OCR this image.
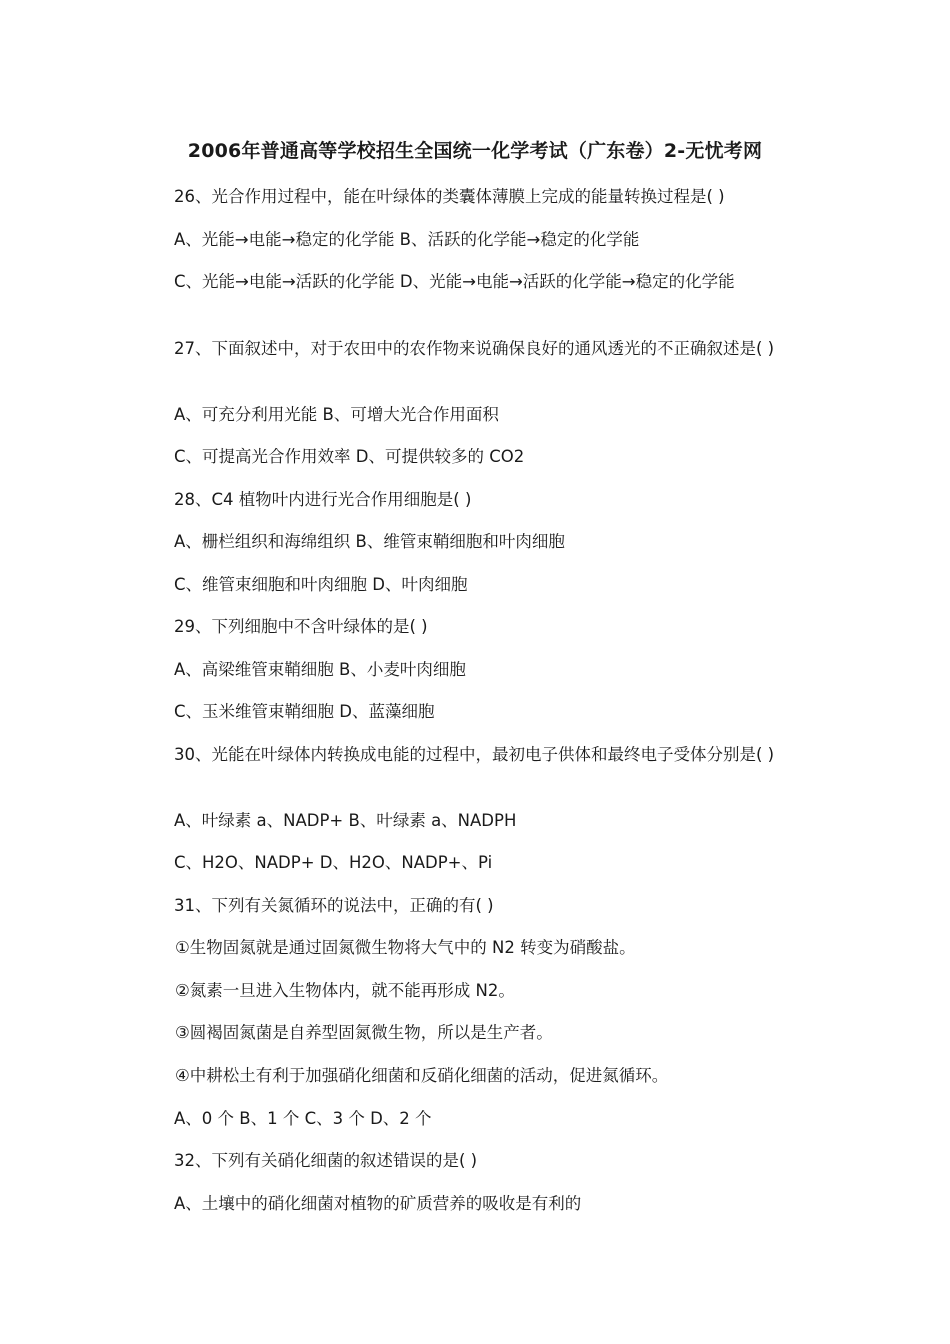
2006年普通高等学校招生全国统一化学考试（广东卷）2-无忧考网
26、光合作用过程中，能在叶绿体的类囊体薄膜上完成的能量转换过程是( )
A、光能→电能→稳定的化学能 B、活跃的化学能→稳定的化学能
C、光能→电能→活跃的化学能 D、光能→电能→活跃的化学能→稳定的化学能
27、下面叙述中，对于农田中的农作物来说确保良好的通风透光的不正确叙述是( )
A、可充分利用光能 B、可增大光合作用面积
C、可提高光合作用效率 D、可提供较多的 CO2
28、C4 植物叶内进行光合作用细胞是( )
A、栅栏组织和海绵组织 B、维管束鞘细胞和叶肉细胞
C、维管束细胞和叶肉细胞 D、叶肉细胞
29、下列细胞中不含叶绿体的是( )
A、高梁维管束鞘细胞 B、小麦叶肉细胞
C、玉米维管束鞘细胞 D、蓝藻细胞
30、光能在叶绿体内转换成电能的过程中，最初电子供体和最终电子受体分别是( )
A、叶绿素 a、NADP+ B、叶绿素 a、NADPH
C、H2O、NADP+ D、H2O、NADP+、Pi
31、下列有关氮循环的说法中，正确的有( )
①生物固氮就是通过固氮微生物将大气中的 N2 转变为硝酸盐。
②氮素一旦进入生物体内，就不能再形成 N2。
③圆褐固氮菌是自养型固氮微生物，所以是生产者。
④中耕松土有利于加强硝化细菌和反硝化细菌的活动，促进氮循环。
A、0 个 B、1 个 C、3 个 D、2 个
32、下列有关硝化细菌的叙述错误的是( )
A、土壤中的硝化细菌对植物的矿质营养的吸收是有利的
